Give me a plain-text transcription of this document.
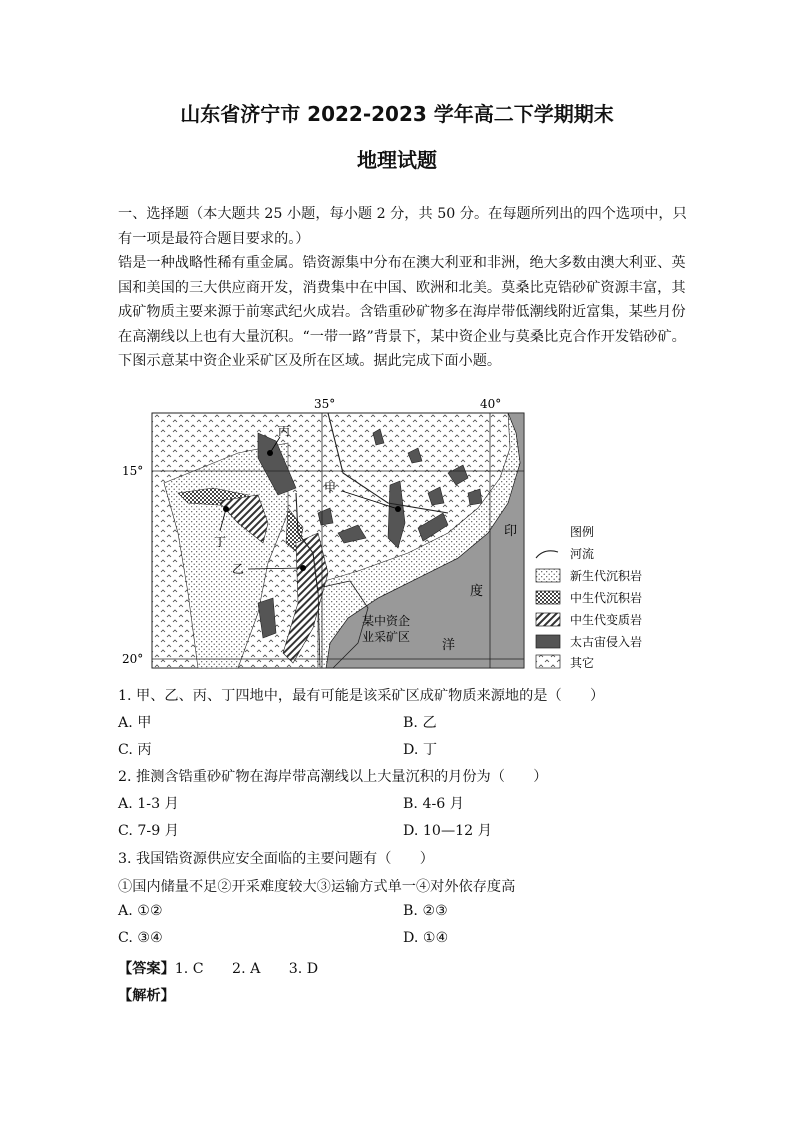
山东省济宁市 2022-2023 学年高二下学期期末
地理试题
一、选择题（本大题共 25 小题，每小题 2 分，共 50 分。在每题所列出的四个选项中，只有一项是最符合题目要求的。）
锆是一种战略性稀有重金属。锆资源集中分布在澳大利亚和非洲，绝大多数由澳大利亚、英国和美国的三大供应商开发，消费集中在中国、欧洲和北美。莫桑比克锆砂矿资源丰富，其成矿物质主要来源于前寒武纪火成岩。含锆重砂矿物多在海岸带低潮线附近富集，某些月份在高潮线以上也有大量沉积。“一带一路”背景下，某中资企业与莫桑比克合作开发锆砂矿。下图示意某中资企业采矿区及所在区域。据此完成下面小题。
35°	40°
15°
20°
丙
甲
丁
乙
某中资企
业采矿区
印
度
洋
图例
河流
新生代沉积岩
中生代沉积岩
中生代变质岩
太古宙侵入岩
其它
1. 甲、乙、丙、丁四地中，最有可能是该采矿区成矿物质来源地的是（　　）
A. 甲	B. 乙
C. 丙	D. 丁
2. 推测含锆重砂矿物在海岸带高潮线以上大量沉积的月份为（　　）
A. 1-3 月	B. 4-6 月
C. 7-9 月	D. 10—12 月
3. 我国锆资源供应安全面临的主要问题有（　　）
①国内储量不足②开采难度较大③运输方式单一④对外依存度高
A. ①②	B. ②③
C. ③④	D. ①④
【答案】1. C　　2. A　　3. D
【解析】
